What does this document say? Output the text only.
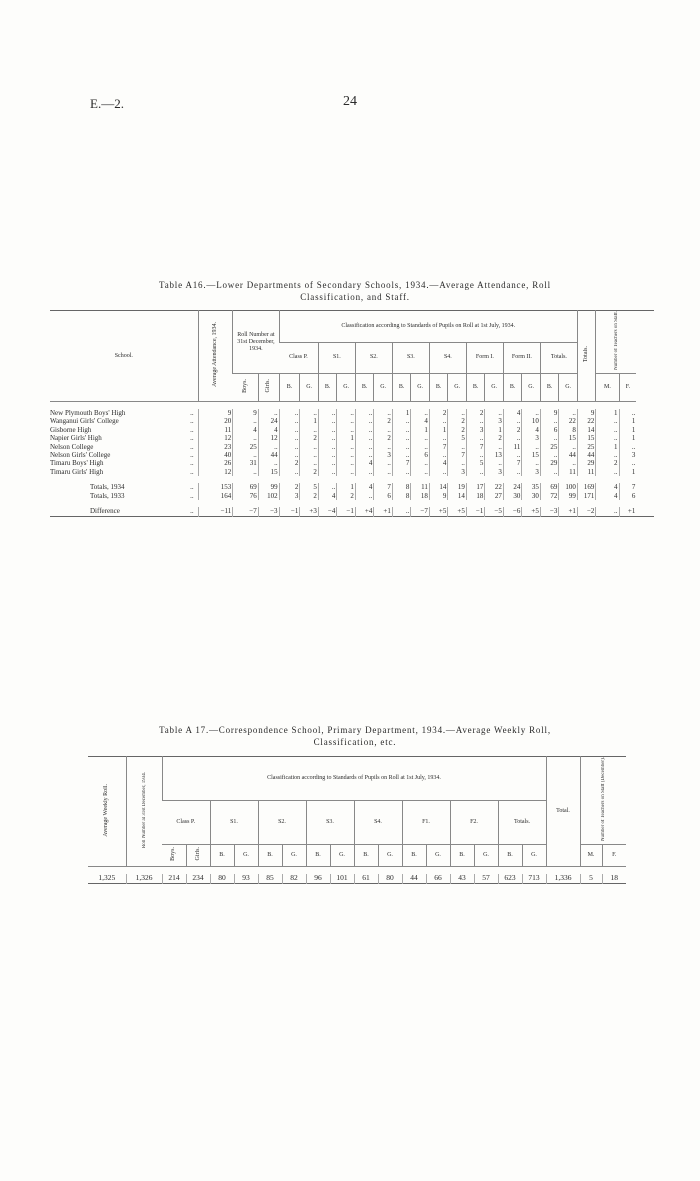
E.—2.	24
Table A16.—Lower Departments of Secondary Schools, 1934.—Average Attendance, Roll
Classification, and Staff.
School.	Average Attendance, 1934.	Roll Number at 31st December, 1934.		Classification according to Standards of Pupils on Roll at 1st July, 1934.																Totals.	Number of Teachers on Staff.	
				Class P.		S1.		S2.		S3.		S4.		Form I.		Form II.		Totals.				
		Boys.	Girls.	B.	G.	B.	G.	B.	G.	B.	G.	B.	G.	B.	G.	B.	G.	B.	G.		M.	F.

New Plymouth Boys' High ..	9	9	..	..	..	..	..	..	..	1	..	2	..	2	..	4	..	9	..	9	1	..
Wanganui Girls' College ..	20	..	24	..	1	..	..	..	2	..	4	..	2	..	3	..	10	..	22	22	..	1
Gisborne High ..	11	4	4	..	..	..	..	..	..	..	1	1	2	3	1	2	4	6	8	14	..	1
Napier Girls' High ..	12	..	12	..	2	..	1	..	2	..	..	..	5	..	2	..	3	..	15	15	..	1
Nelson College ..	23	25	..	..	..	..	..	..	..	..	..	7	..	7	..	11	..	25	..	25	1	..
Nelson Girls' College ..	40	..	44	..	..	..	..	..	3	..	6	..	7	..	13	..	15	..	44	44	..	3
Timaru Boys' High ..	26	31	..	2	..	..	..	4	..	7	..	4	..	5	..	7	..	29	..	29	2	..
Timaru Girls' High ..	12	..	15	..	2	..	..	..	..	..	..	..	3	..	3	..	3	..	11	11	..	1

Totals, 1934 ..	153	69	99	2	5	..	1	4	7	8	11	14	19	17	22	24	35	69	100	169	4	7
Totals, 1933 ..	164	76	102	3	2	4	2	..	6	8	18	9	14	18	27	30	30	72	99	171	4	6

Difference ..	−11	−7	−3	−1	+3	−4	−1	+4	+1	..	−7	+5	+5	−1	−5	−6	+5	−3	+1	−2	..	+1

Table A 17.—Correspondence School, Primary Department, 1934.—Average Weekly Roll,
Classification, etc.
Average Weekly Roll.	Roll Number at 31st December, 1934.	Classification according to Standards of Pupils on Roll at 1st July, 1934.																Total.	Number of Teachers on Staff (December).	
		Class P.		S1.		S2.		S3.		S4.		F1.		F2.		Totals.				
		Boys.	Girls.	B.	G.	B.	G.	B.	G.	B.	G.	B.	G.	B.	G.	B.	G.		M.	F.

1,325	1,326	214	234	80	93	85	82	96	101	61	80	44	66	43	57	623	713	1,336	5	18
